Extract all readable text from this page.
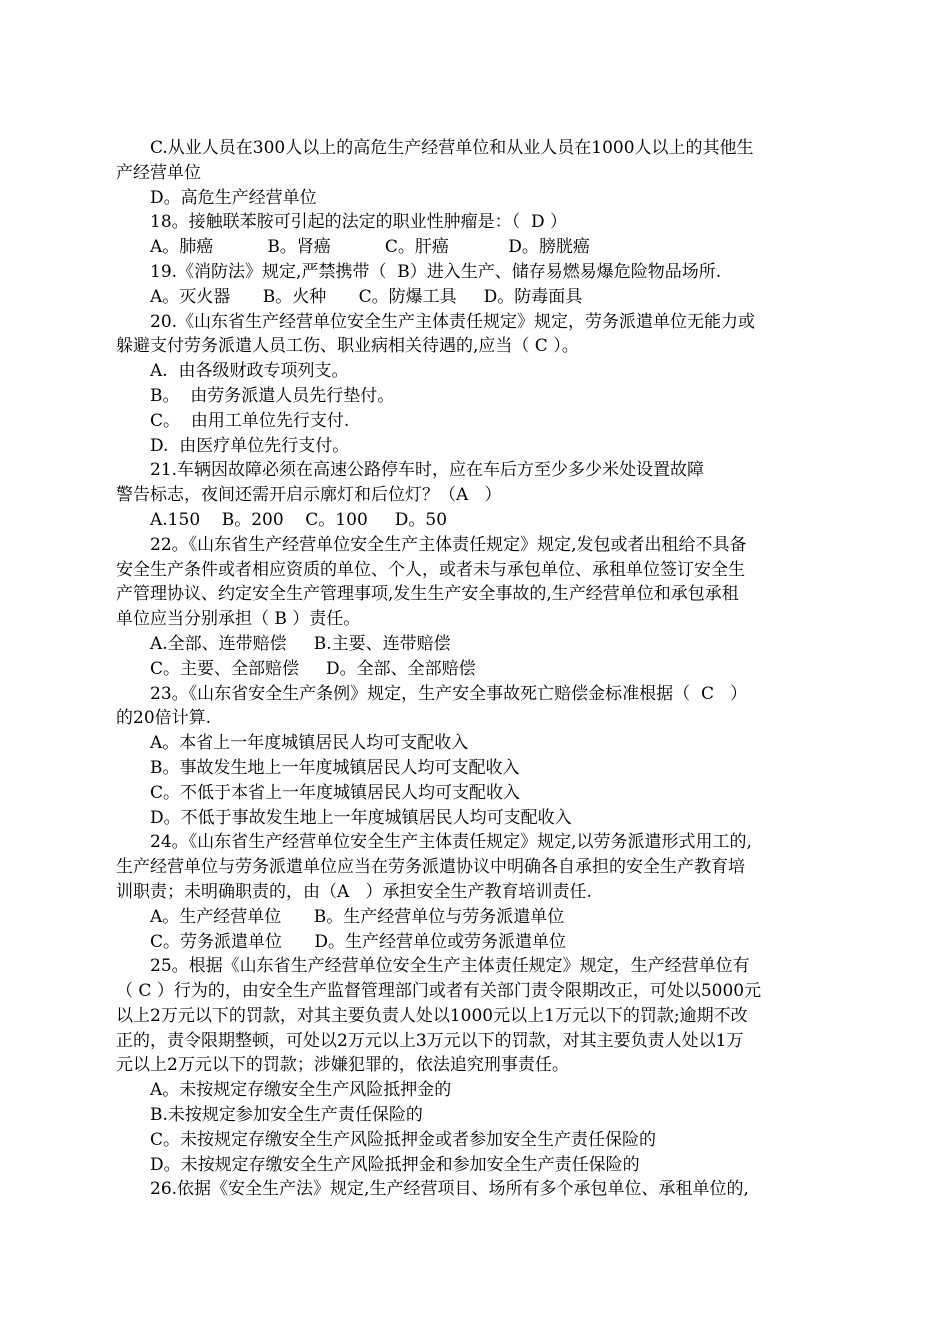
C.从业人员在300人以上的高危生产经营单位和从业人员在1000人以上的其他生
产经营单位
D。高危生产经营单位
18。接触联苯胺可引起的法定的职业性肿瘤是：（  D ）
A。肺癌          B。肾癌          C。肝癌           D。膀胱癌
19.《消防法》规定,严禁携带（  B）进入生产、储存易燃易爆危险物品场所.
A。灭火器      B。火种      C。防爆工具     D。防毒面具
20.《山东省生产经营单位安全生产主体责任规定》规定，劳务派遣单位无能力或
躲避支付劳务派遣人员工伤、职业病相关待遇的,应当（ C ）。
A.  由各级财政专项列支。
B。  由劳务派遣人员先行垫付。
C。  由用工单位先行支付.
D.  由医疗单位先行支付。
21.车辆因故障必须在高速公路停车时，应在车后方至少多少米处设置故障
警告标志，夜间还需开启示廓灯和后位灯？（A   ）
A.150    B。200    C。100     D。50
22。《山东省生产经营单位安全生产主体责任规定》规定,发包或者出租给不具备
安全生产条件或者相应资质的单位、个人，或者未与承包单位、承租单位签订安全生
产管理协议、约定安全生产管理事项,发生生产安全事故的,生产经营单位和承包承租
单位应当分别承担（ B ）责任。
A.全部、连带赔偿     B.主要、连带赔偿
C。主要、全部赔偿     D。全部、全部赔偿
23。《山东省安全生产条例》规定，生产安全事故死亡赔偿金标准根据（  C   ）
的20倍计算.
A。本省上一年度城镇居民人均可支配收入
B。事故发生地上一年度城镇居民人均可支配收入
C。不低于本省上一年度城镇居民人均可支配收入
D。不低于事故发生地上一年度城镇居民人均可支配收入
24。《山东省生产经营单位安全生产主体责任规定》规定,以劳务派遣形式用工的,
生产经营单位与劳务派遣单位应当在劳务派遣协议中明确各自承担的安全生产教育培
训职责；未明确职责的，由（A   ）承担安全生产教育培训责任.
A。生产经营单位      B。生产经营单位与劳务派遣单位
C。劳务派遣单位      D。生产经营单位或劳务派遣单位
25。根据《山东省生产经营单位安全生产主体责任规定》规定，生产经营单位有
（ C ）行为的，由安全生产监督管理部门或者有关部门责令限期改正，可处以5000元
以上2万元以下的罚款，对其主要负责人处以1000元以上1万元以下的罚款;逾期不改
正的，责令限期整顿，可处以2万元以上3万元以下的罚款，对其主要负责人处以1万
元以上2万元以下的罚款；涉嫌犯罪的，依法追究刑事责任。
A。未按规定存缴安全生产风险抵押金的
B.未按规定参加安全生产责任保险的
C。未按规定存缴安全生产风险抵押金或者参加安全生产责任保险的
D。未按规定存缴安全生产风险抵押金和参加安全生产责任保险的
26.依据《安全生产法》规定,生产经营项目、场所有多个承包单位、承租单位的,
